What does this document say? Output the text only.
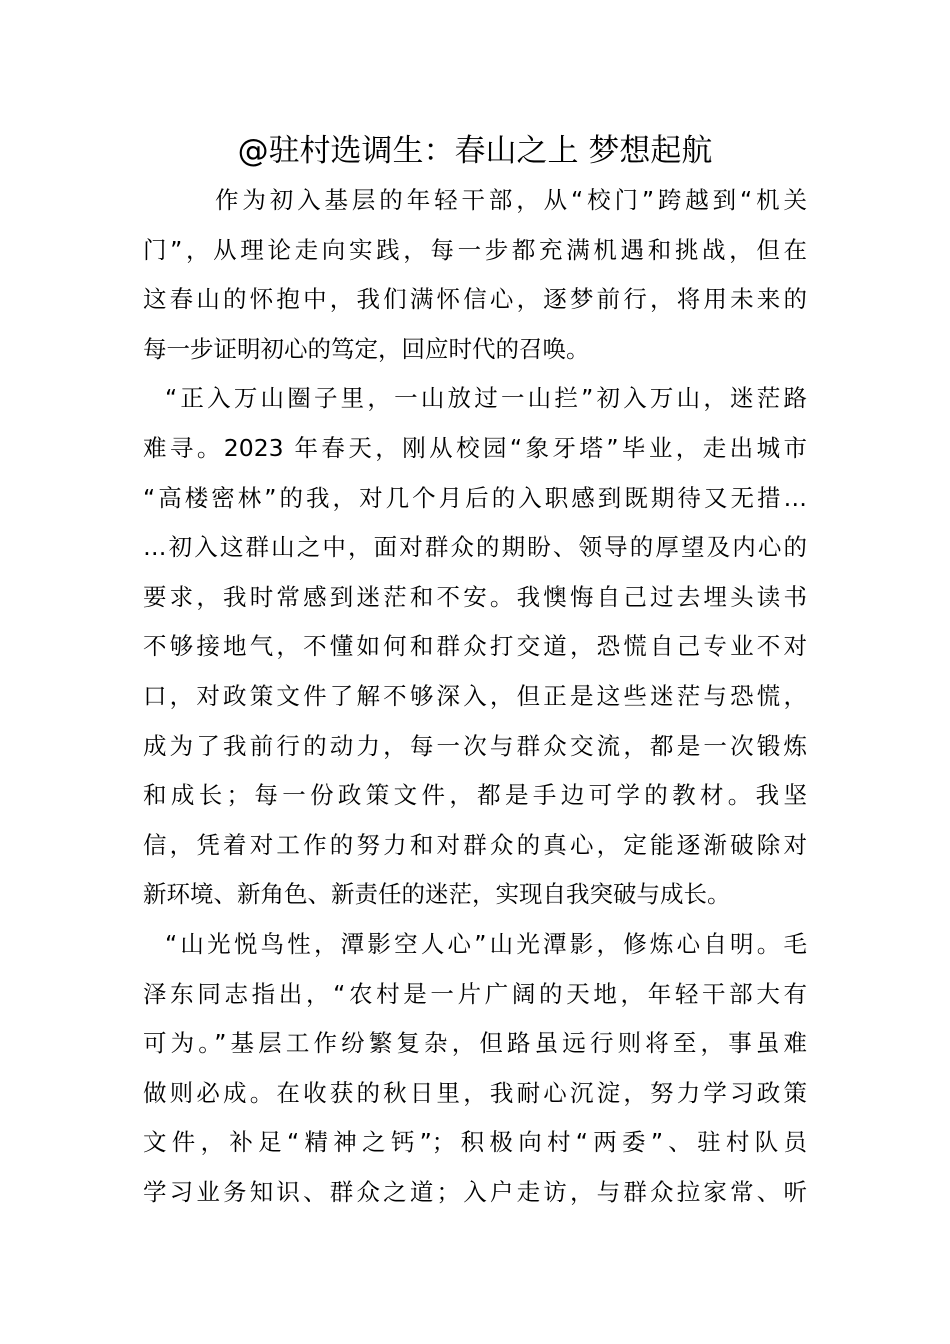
@驻村选调生：春山之上 梦想起航
作为初入基层的年轻干部，从“校门”跨越到“机关
门”，从理论走向实践，每一步都充满机遇和挑战，但在
这春山的怀抱中，我们满怀信心，逐梦前行，将用未来的
每一步证明初心的笃定，回应时代的召唤。
“正入万山圈子里，一山放过一山拦”初入万山，迷茫路
难寻。2023 年春天，刚从校园“象牙塔”毕业，走出城市
“高楼密林”的我，对几个月后的入职感到既期待又无措…
…初入这群山之中，面对群众的期盼、领导的厚望及内心的
要求，我时常感到迷茫和不安。我懊悔自己过去埋头读书
不够接地气，不懂如何和群众打交道，恐慌自己专业不对
口，对政策文件了解不够深入，但正是这些迷茫与恐慌，
成为了我前行的动力，每一次与群众交流，都是一次锻炼
和成长；每一份政策文件，都是手边可学的教材。我坚
信，凭着对工作的努力和对群众的真心，定能逐渐破除对
新环境、新角色、新责任的迷茫，实现自我突破与成长。
“山光悦鸟性，潭影空人心”山光潭影，修炼心自明。毛
泽东同志指出，“农村是一片广阔的天地，年轻干部大有
可为。”基层工作纷繁复杂，但路虽远行则将至，事虽难
做则必成。在收获的秋日里，我耐心沉淀，努力学习政策
文件，补足“精神之钙”；积极向村“两委”、驻村队员
学习业务知识、群众之道；入户走访，与群众拉家常、听
